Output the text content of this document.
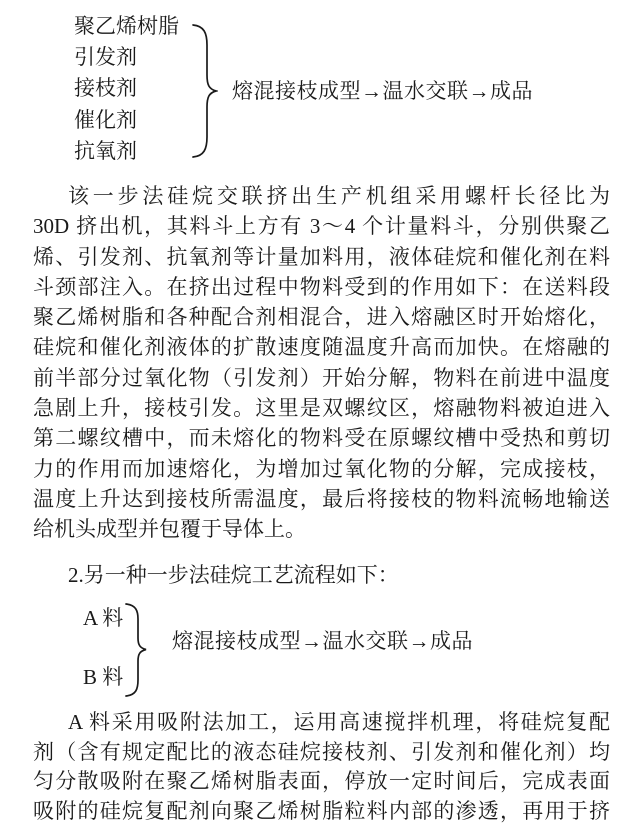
聚乙烯树脂
引发剂
接枝剂
催化剂
抗氧剂
熔混接枝成型→温水交联→成品
该一步法硅烷交联挤出生产机组采用螺杆长径比为
30D 挤出机，其料斗上方有 3～4 个计量料斗，分别供聚乙
烯、引发剂、抗氧剂等计量加料用，液体硅烷和催化剂在料
斗颈部注入。在挤出过程中物料受到的作用如下：在送料段
聚乙烯树脂和各种配合剂相混合，进入熔融区时开始熔化，
硅烷和催化剂液体的扩散速度随温度升高而加快。在熔融的
前半部分过氧化物（引发剂）开始分解，物料在前进中温度
急剧上升，接枝引发。这里是双螺纹区，熔融物料被迫进入
第二螺纹槽中，而未熔化的物料受在原螺纹槽中受热和剪切
力的作用而加速熔化，为增加过氧化物的分解，完成接枝，
温度上升达到接枝所需温度，最后将接枝的物料流畅地输送
给机头成型并包覆于导体上。
2.另一种一步法硅烷工艺流程如下：
A 料
B 料
熔混接枝成型→温水交联→成品
A 料采用吸附法加工，运用高速搅拌机理，将硅烷复配
剂（含有规定配比的液态硅烷接枝剂、引发剂和催化剂）均
匀分散吸附在聚乙烯树脂表面，停放一定时间后，完成表面
吸附的硅烷复配剂向聚乙烯树脂粒料内部的渗透，再用于挤
